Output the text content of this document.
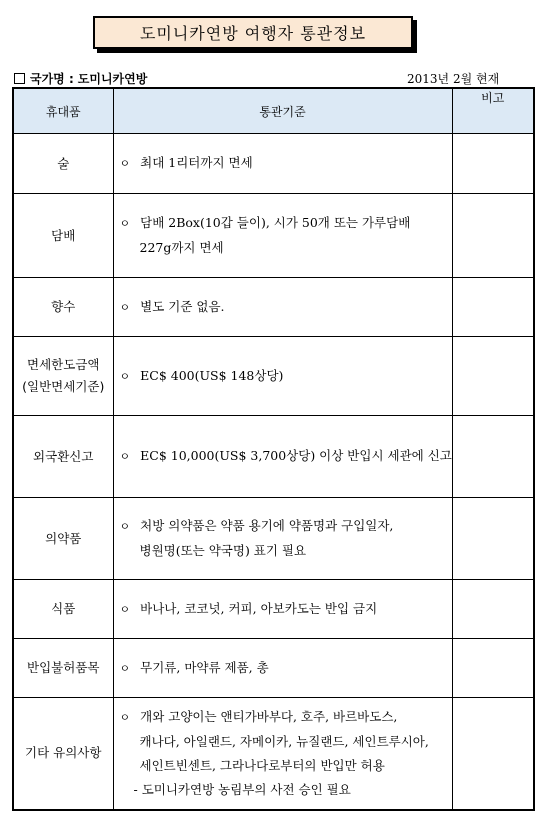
도미니카연방 여행자 통관정보
국가명 : 도미니카연방	2013년 2월 현재
휴대품	통관기준	비고
술	ㅇ 최대 1리터까지 면세	

담배	ㅇ 담배 2Box(10갑 들이), 시가 50개 또는 가루담배
227g까지 면세	

향수	ㅇ 별도 기준 없음.	

면세한도금액
(일반면세기준)	ㅇ EC$ 400(US$ 148상당)	

외국환신고	ㅇ EC$ 10,000(US$ 3,700상당) 이상 반입시 세관에 신고	

의약품	ㅇ 처방 의약품은 약품 용기에 약품명과 구입일자,
병원명(또는 약국명) 표기 필요	

식품	ㅇ 바나나, 코코넛, 커피, 아보카도는 반입 금지	

반입불허품목	ㅇ 무기류, 마약류 제품, 총	

기타 유의사항	ㅇ 개와 고양이는 앤티가바부다, 호주, 바르바도스,
캐나다, 아일랜드, 자메이카, 뉴질랜드, 세인트루시아,
세인트빈센트, 그라나다로부터의 반입만 허용
- 도미니카연방 농림부의 사전 승인 필요	
